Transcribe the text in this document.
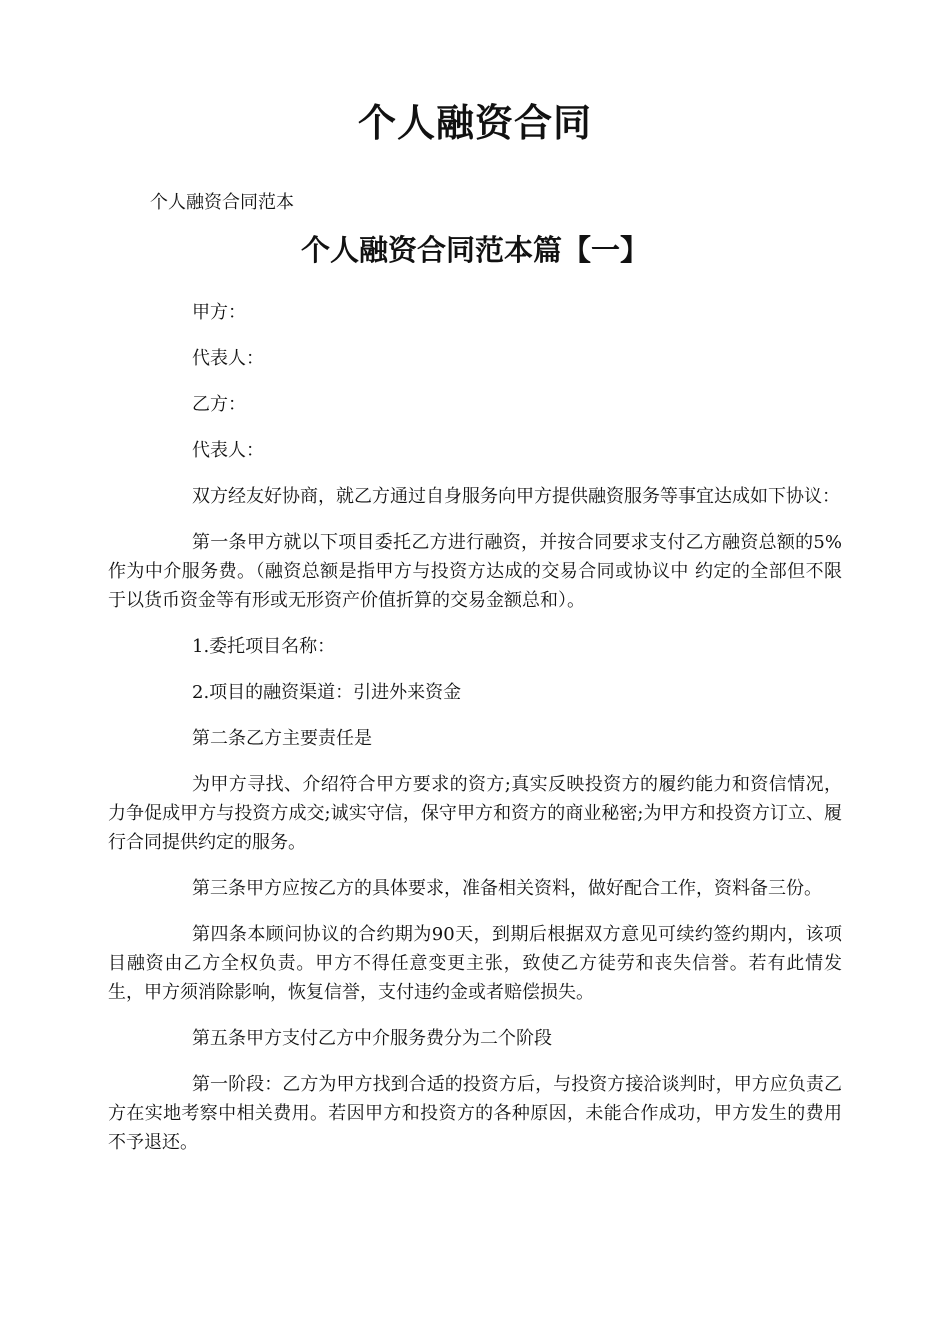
个人融资合同

个人融资合同范本

个人融资合同范本篇【一】

甲方：

代表人：

乙方：

代表人：

双方经友好协商，就乙方通过自身服务向甲方提供融资服务等事宜达成如下协议：

第一条甲方就以下项目委托乙方进行融资，并按合同要求支付乙方融资总额的5%作为中介服务费。（融资总额是指甲方与投资方达成的交易合同或协议中 约定的全部但不限于以货币资金等有形或无形资产价值折算的交易金额总和）。

1.委托项目名称：

2.项目的融资渠道：引进外来资金

第二条乙方主要责任是

为甲方寻找、介绍符合甲方要求的资方;真实反映投资方的履约能力和资信情况，力争促成甲方与投资方成交;诚实守信，保守甲方和资方的商业秘密;为甲方和投资方订立、履行合同提供约定的服务。

第三条甲方应按乙方的具体要求，准备相关资料，做好配合工作，资料备三份。

第四条本顾问协议的合约期为90天，到期后根据双方意见可续约签约期内，该项目融资由乙方全权负责。甲方不得任意变更主张，致使乙方徒劳和丧失信誉。若有此情发生，甲方须消除影响，恢复信誉，支付违约金或者赔偿损失。

第五条甲方支付乙方中介服务费分为二个阶段

第一阶段：乙方为甲方找到合适的投资方后，与投资方接洽谈判时，甲方应负责乙方在实地考察中相关费用。若因甲方和投资方的各种原因，未能合作成功，甲方发生的费用不予退还。
